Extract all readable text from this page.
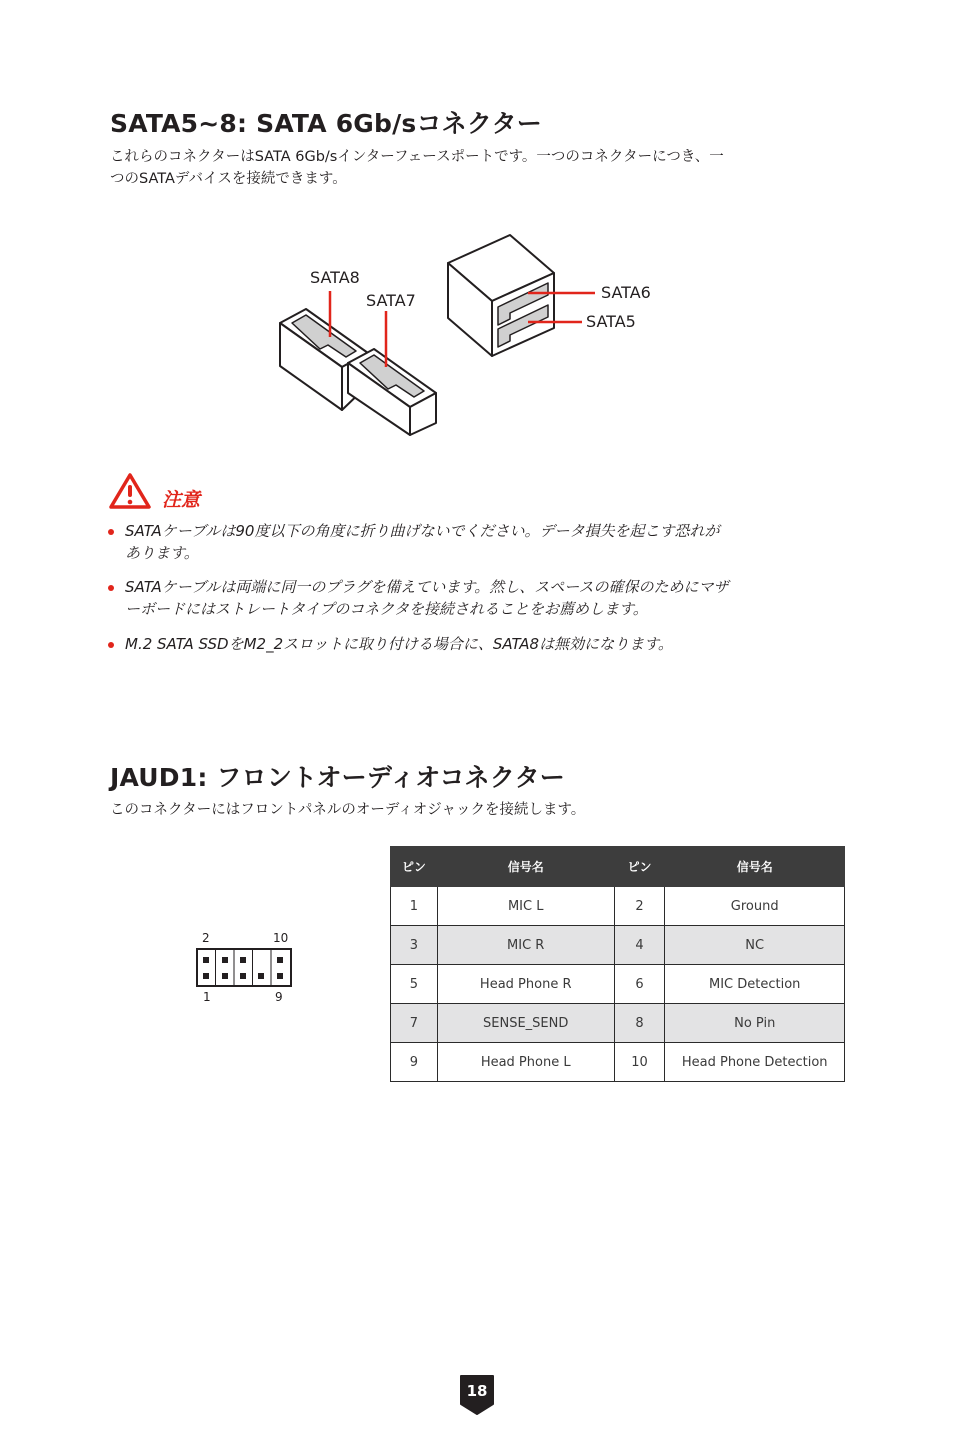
SATA5~8: SATA 6Gb/sコネクター

これらのコネクターはSATA 6Gb/sインターフェースポートです。一つのコネクターにつき、一
つのSATAデバイスを接続できます。

SATA8
SATA7	SATA6
SATA5
注意
SATAケーブルは90度以下の角度に折り曲げないでください。データ損失を起こす恐れが
あります。
SATAケーブルは両端に同一のプラグを備えています。然し、スペースの確保のためにマザ
ーボードにはストレートタイプのコネクタを接続されることをお薦めします。
M.2 SATA SSDをM2_2スロットに取り付ける場合に、SATA8は無効になります。
JAUD1: フロントオーディオコネクター

このコネクターにはフロントパネルのオーディオジャックを接続します。

2	10
1	9
ピン	信号名	ピン	信号名
1	MIC L	2	Ground
3	MIC R	4	NC
5	Head Phone R	6	MIC Detection
7	SENSE_SEND	8	No Pin
9	Head Phone L	10	Head Phone Detection
18
